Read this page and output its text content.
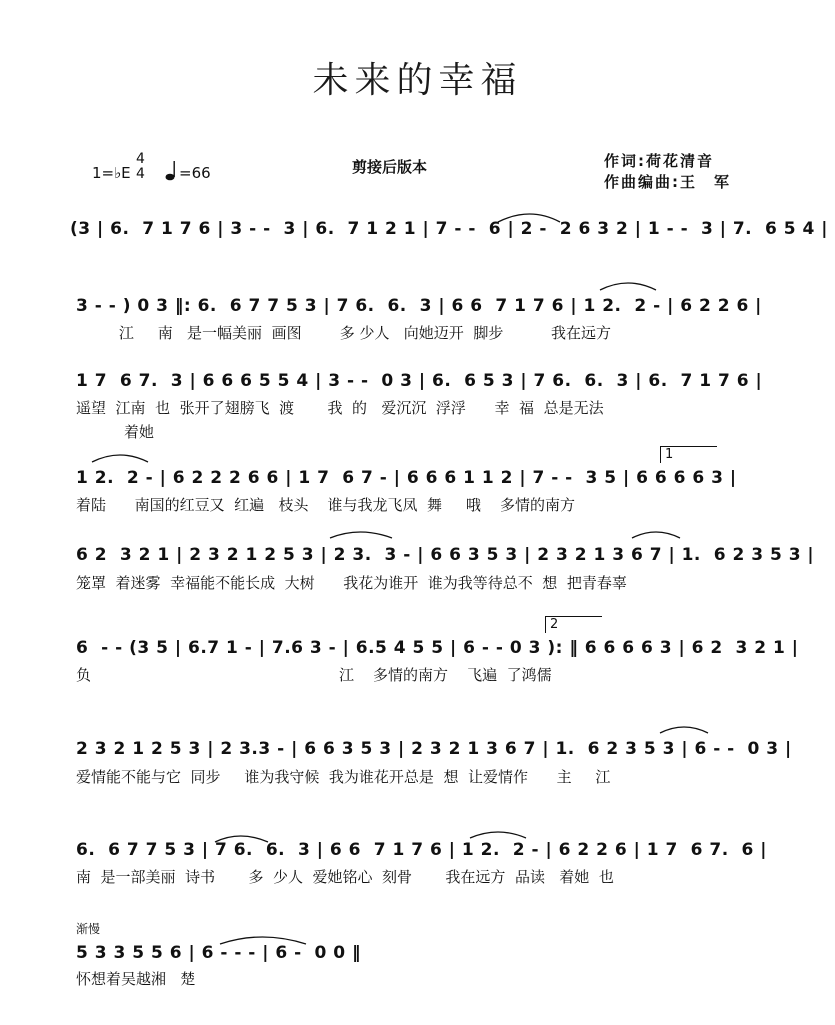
未来的幸福
1=♭E
4
4 =66	剪接后版本	作词:荷花清音
作曲编曲:王　军
(3 | 6.  7 1 7 6 | 3 - -  3 | 6.  7 1 2 1 | 7 - -  6 | 2 -  2 6 3 2 | 1 - -  3 | 7.  6 5 4 |
3 - - ) 0 3 ‖: 6.  6 7 7 5 3 | 7 6.  6.  3 | 6 6  7 1 7 6 | 1 2.  2 - | 6 2 2 6 |
江     南   是一幅美丽  画图        多 少人   向她迈开  脚步          我在远方
1 7  6 7.  3 | 6 6 6 5 5 4 | 3 - -  0 3 | 6.  6 5 3 | 7 6.  6.  3 | 6.  7 1 7 6 |
遥望  江南  也  张开了翅膀飞  渡       我  的   爱沉沉  浮浮      幸  福  总是无法
着她
1
1 2.  2 - | 6 2 2 2 6 6 | 1 7  6 7 - | 6 6 6 1 1 2 | 7 - -  3 5 | 6 6 6 6 3 |
着陆      南国的红豆又  红遍   枝头    谁与我龙飞凤  舞     哦    多情的南方
6 2  3 2 1 | 2 3 2 1 2 5 3 | 2 3.  3 - | 6 6 3 5 3 | 2 3 2 1 3 6 7 | 1.  6 2 3 5 3 |
笼罩  着迷雾  幸福能不能长成  大树      我花为谁开  谁为我等待总不  想  把青春辜
2
6  - - (3 5 | 6.7 1 - | 7.6 3 - | 6.5 4 5 5 | 6 - - 0 3 ): ‖ 6 6 6 6 3 | 6 2  3 2 1 |
负                                                    江    多情的南方    飞遍  了鸿儒
2 3 2 1 2 5 3 | 2 3.3 - | 6 6 3 5 3 | 2 3 2 1 3 6 7 | 1.  6 2 3 5 3 | 6 - -  0 3 |
爱情能不能与它  同步     谁为我守候  我为谁花开总是  想  让爱情作      主     江
6.  6 7 7 5 3 | 7 6.  6.  3 | 6 6  7 1 7 6 | 1 2.  2 - | 6 2 2 6 | 1 7  6 7.  6 |
南  是一部美丽  诗书       多  少人  爱她铭心  刻骨       我在远方  品读   着她  也
渐慢
5 3 3 5 5 6 | 6 - - - | 6 -  0 0 ‖
怀想着吴越湘   楚
